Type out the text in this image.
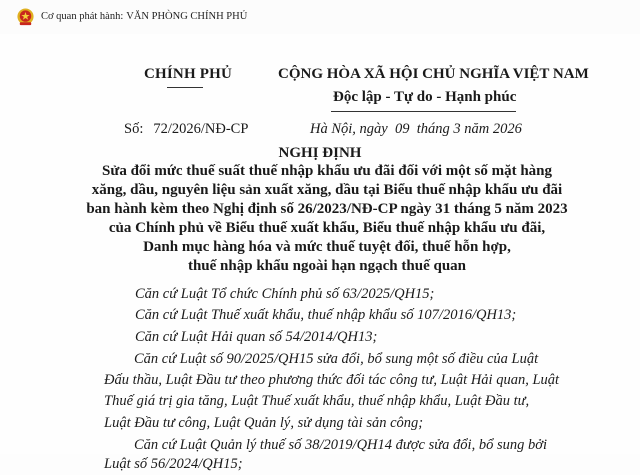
Cơ quan phát hành: VĂN PHÒNG CHÍNH PHỦ
CHÍNH PHỦ	CỘNG HÒA XÃ HỘI CHỦ NGHĨA VIỆT NAM
Độc lập - Tự do - Hạnh phúc
Số: 72/2026/NĐ-CP	Hà Nội, ngày  09  tháng 3 năm 2026
NGHỊ ĐỊNH
Sửa đổi mức thuế suất thuế nhập khẩu ưu đãi đối với một số mặt hàng
xăng, dầu, nguyên liệu sản xuất xăng, dầu tại Biểu thuế nhập khẩu ưu đãi
ban hành kèm theo Nghị định số 26/2023/NĐ-CP ngày 31 tháng 5 năm 2023
của Chính phủ về Biểu thuế xuất khẩu, Biểu thuế nhập khẩu ưu đãi,
Danh mục hàng hóa và mức thuế tuyệt đối, thuế hỗn hợp,
thuế nhập khẩu ngoài hạn ngạch thuế quan
Căn cứ Luật Tổ chức Chính phủ số 63/2025/QH15;
Căn cứ Luật Thuế xuất khẩu, thuế nhập khẩu số 107/2016/QH13;
Căn cứ Luật Hải quan số 54/2014/QH13;
Căn cứ Luật số 90/2025/QH15 sửa đổi, bổ sung một số điều của Luật
Đấu thầu, Luật Đầu tư theo phương thức đối tác công tư, Luật Hải quan, Luật
Thuế giá trị gia tăng, Luật Thuế xuất khẩu, thuế nhập khẩu, Luật Đầu tư,
Luật Đầu tư công, Luật Quản lý, sử dụng tài sản công;
Căn cứ Luật Quản lý thuế số 38/2019/QH14 được sửa đổi, bổ sung bởi
Luật số 56/2024/QH15;
